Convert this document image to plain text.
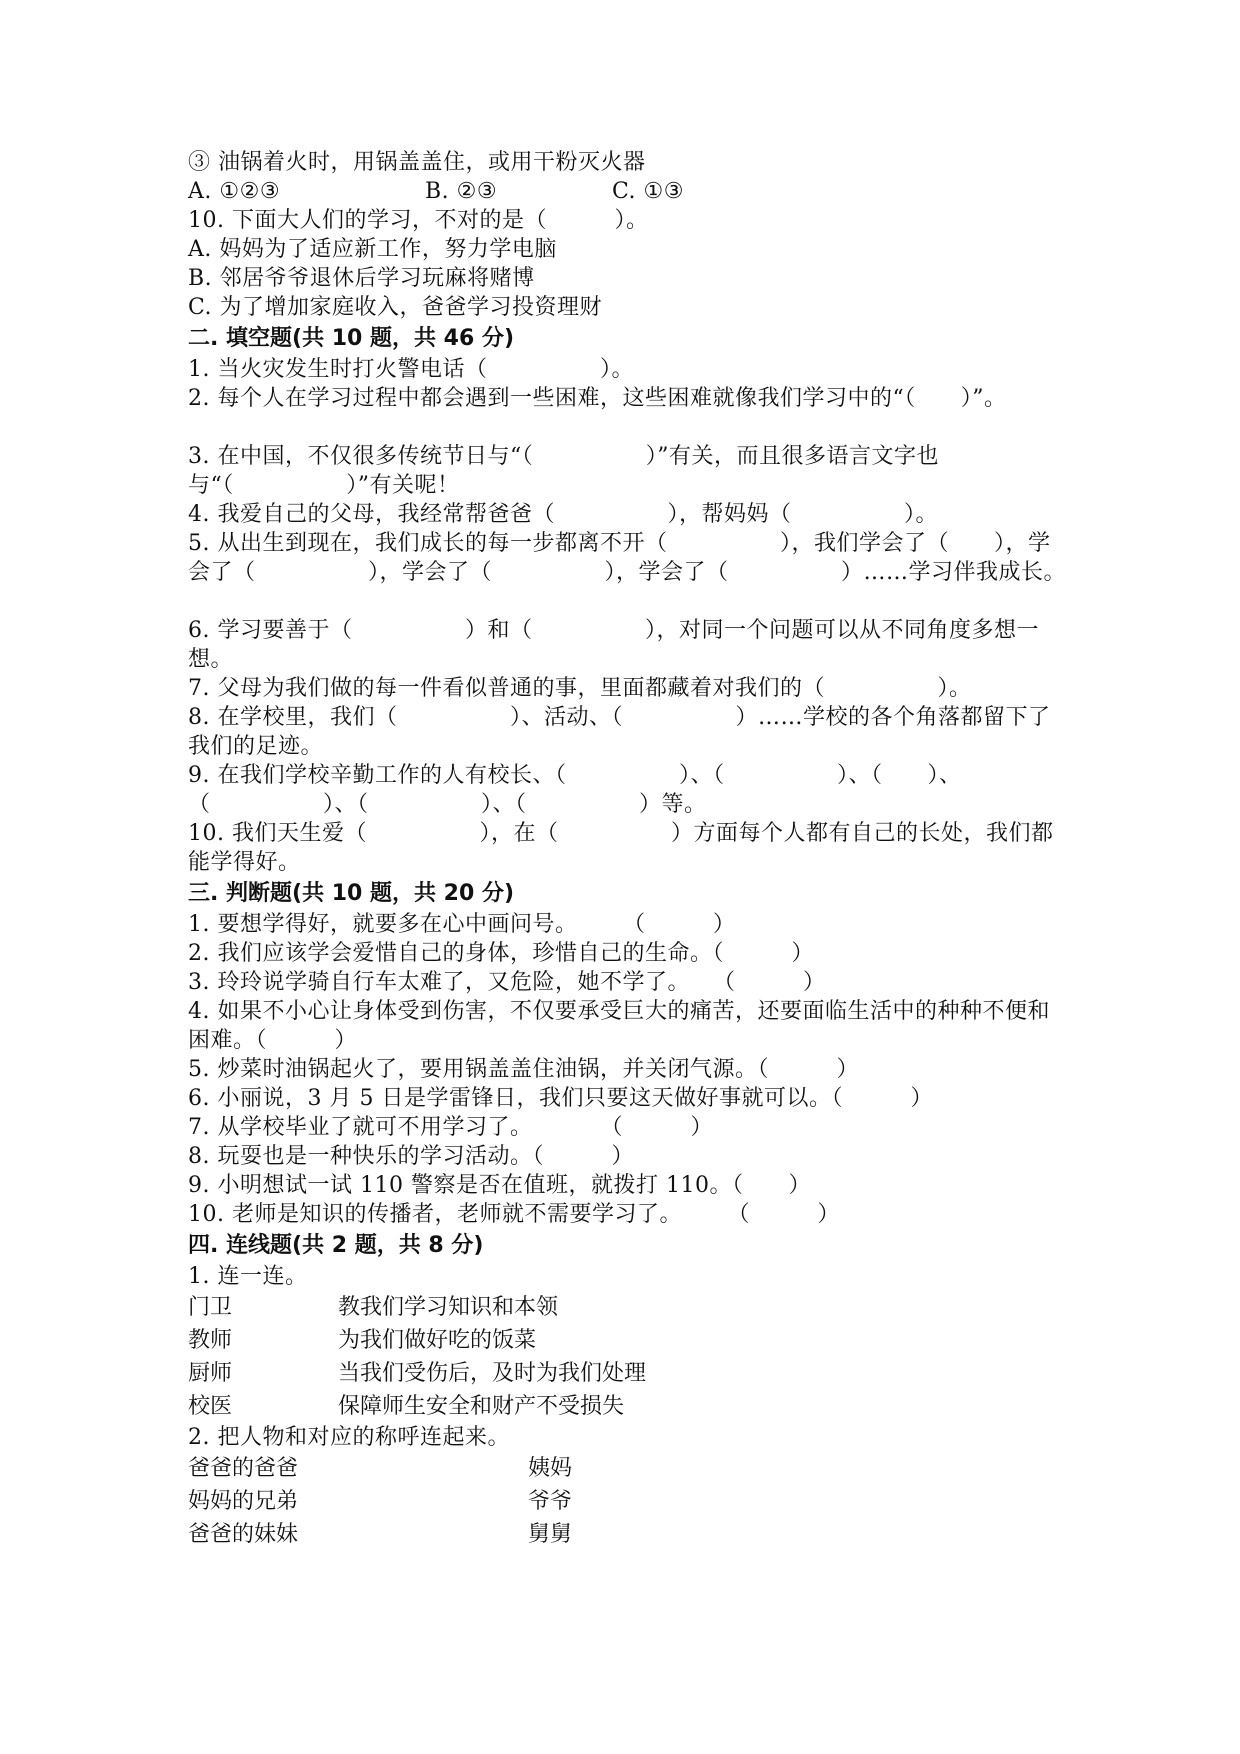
③ 油锅着火时，用锅盖盖住，或用干粉灭火器
A. ①②③	B. ②③	C. ①③
10. 下面大人们的学习，不对的是（　　　）。
A. 妈妈为了适应新工作，努力学电脑
B. 邻居爷爷退休后学习玩麻将赌博
C. 为了增加家庭收入，爸爸学习投资理财
二. 填空题(共 10 题，共 46 分)
1. 当火灾发生时打火警电话（　　　　　）。
2. 每个人在学习过程中都会遇到一些困难，这些困难就像我们学习中的“（　　）”。
3. 在中国，不仅很多传统节日与“（　　　　　）”有关，而且很多语言文字也与“（　　　　　）”有关呢！
4. 我爱自己的父母，我经常帮爸爸（　　　　　），帮妈妈（　　　　　）。
5. 从出生到现在，我们成长的每一步都离不开（　　　　　），我们学会了（　　），学会了（　　　　　），学会了（　　　　　），学会了（　　　　　）……学习伴我成长。
6. 学习要善于（　　　　　）和（　　　　　），对同一个问题可以从不同角度多想一想。
7. 父母为我们做的每一件看似普通的事，里面都藏着对我们的（　　　　　）。
8. 在学校里，我们（　　　　　）、活动、（　　　　　）……学校的各个角落都留下了我们的足迹。
9. 在我们学校辛勤工作的人有校长、（　　　　　）、（　　　　　）、（　　）、（　　　　　）、（　　　　　）、（　　　　　）等。
10. 我们天生爱（　　　　　），在（　　　　　）方面每个人都有自己的长处，我们都能学得好。
三. 判断题(共 10 题，共 20 分)
1. 要想学得好，就要多在心中画问号。　　　（　　　）
2. 我们应该学会爱惜自己的身体，珍惜自己的生命。（　　　）
3. 玲玲说学骑自行车太难了，又危险，她不学了。　　（　　　）
4. 如果不小心让身体受到伤害，不仅要承受巨大的痛苦，还要面临生活中的种种不便和困难。（　　　）
5. 炒菜时油锅起火了，要用锅盖盖住油锅，并关闭气源。（　　　）
6. 小丽说，3 月 5 日是学雷锋日，我们只要这天做好事就可以。（　　　）
7. 从学校毕业了就可不用学习了。　　　　（　　　）
8. 玩耍也是一种快乐的学习活动。（　　　）
9. 小明想试一试 110 警察是否在值班，就拨打 110。（　　）
10. 老师是知识的传播者，老师就不需要学习了。　　　（　　　）
四. 连线题(共 2 题，共 8 分)
1. 连一连。
门卫	教我们学习知识和本领
教师	为我们做好吃的饭菜
厨师	当我们受伤后，及时为我们处理
校医	保障师生安全和财产不受损失
2. 把人物和对应的称呼连起来。
爸爸的爸爸	姨妈
妈妈的兄弟	爷爷
爸爸的妹妹	舅舅
